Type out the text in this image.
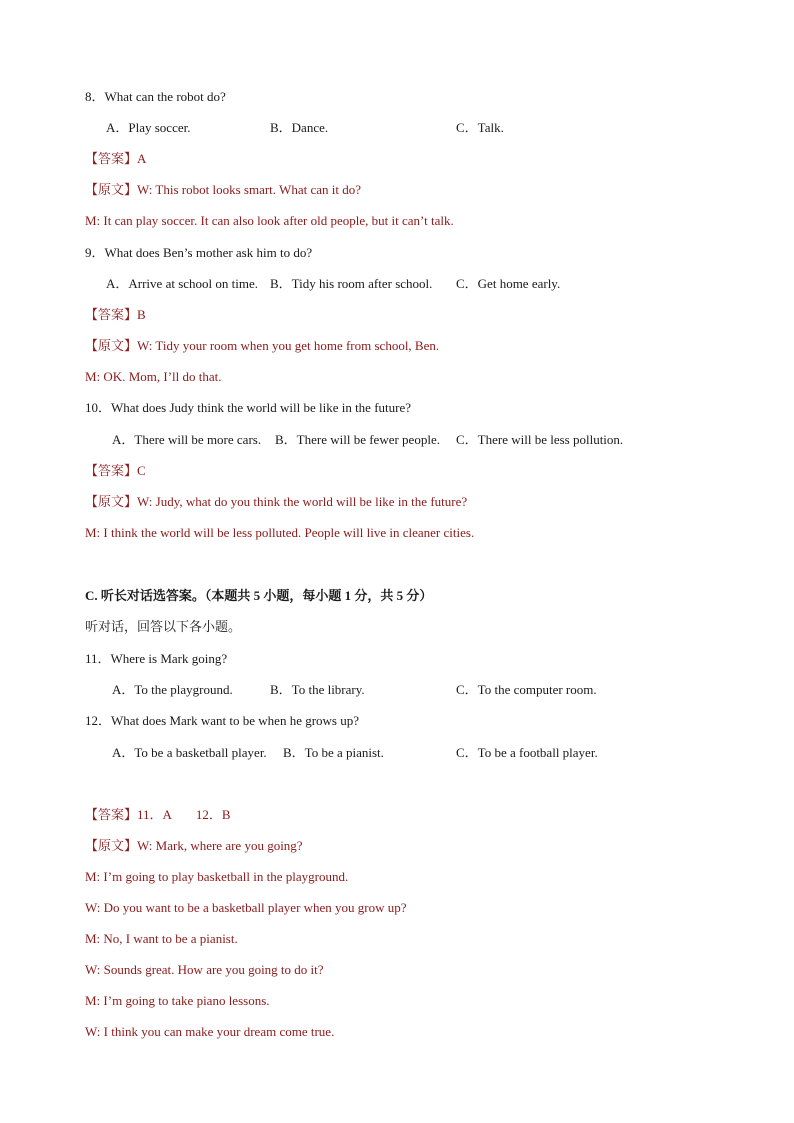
8．What can the robot do?
A．Play soccer.	B．Dance.	C．Talk.
【答案】A
【原文】W: This robot looks smart. What can it do?
M: It can play soccer. It can also look after old people, but it can’t talk.
9．What does Ben’s mother ask him to do?
A．Arrive at school on time. B．Tidy his room after school. C．Get home early.
【答案】B
【原文】W: Tidy your room when you get home from school, Ben.
M: OK. Mom, I’ll do that.
10．What does Judy think the world will be like in the future?
A．There will be more cars. B．There will be fewer people. C．There will be less pollution.
【答案】C
【原文】W: Judy, what do you think the world will be like in the future?
M: I think the world will be less polluted. People will live in cleaner cities.
C. 听长对话选答案。（本题共 5 小题，每小题 1 分，共 5 分）
听对话，回答以下各小题。
11．Where is Mark going?
A．To the playground.	B．To the library.	C．To the computer room.
12．What does Mark want to be when he grows up?
A．To be a basketball player. B．To be a pianist.	C．To be a football player.
【答案】11．A 12．B
【原文】W: Mark, where are you going?
M: I’m going to play basketball in the playground.
W: Do you want to be a basketball player when you grow up?
M: No, I want to be a pianist.
W: Sounds great. How are you going to do it?
M: I’m going to take piano lessons.
W: I think you can make your dream come true.
